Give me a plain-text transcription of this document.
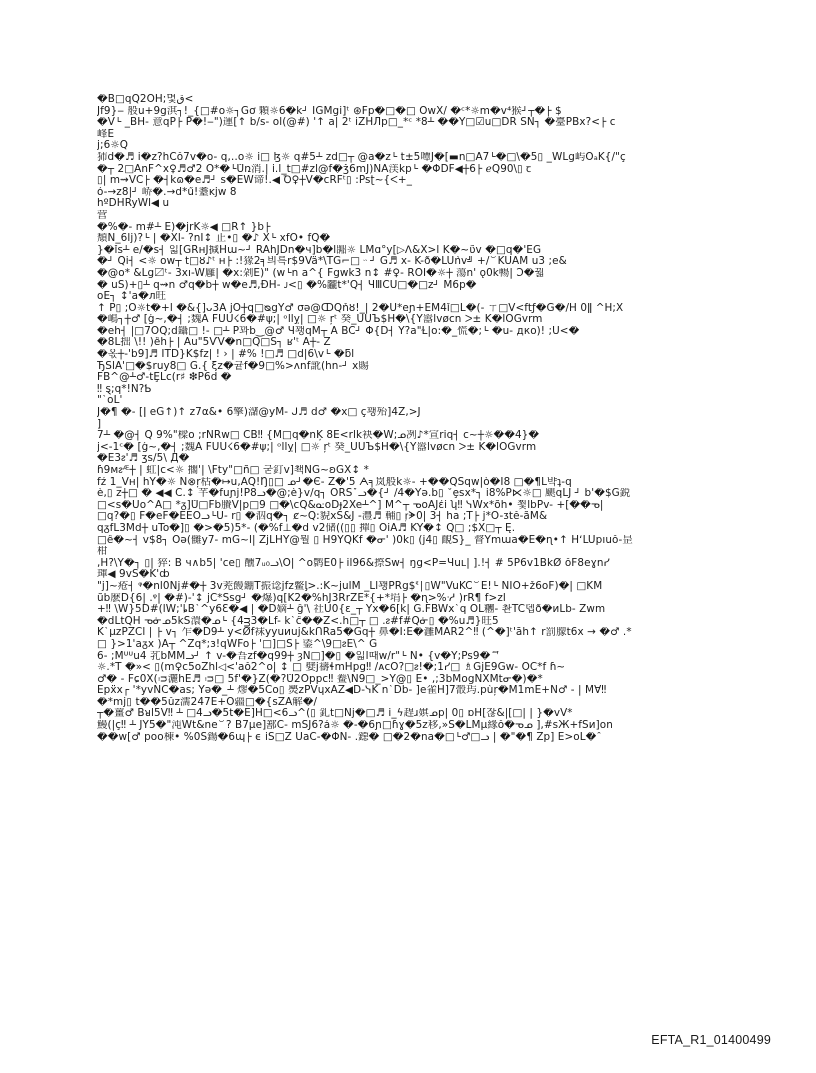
�B□qQ2OH;몇ق<
Jf9}‒ 般u+9g淇┐!_{□#o☼┐Gơ 顆☼6�k┘ ǏGMgi]ᵗ ⊛Fp�□�□ OwX/ �ᶜ*☼m�v⁴猴┘┬�├ $
�V└ _BH- 意qP├ P�!‒")運[↑ b/s- ol(@#) '↑ a| 2ᵗ iZHЛp□_*ᶜ *8┴ ��Y□☑u□DR SN┐ �臺PBx?<├ c
峰E
j;6☼Q
犻d�♬ i�z?hCŏ7v�o- q,‥o☼ i□ ɮ☼ q#5┴ zd□┬ @a�z└ t±5嘾J�[▬n□A7└�□\�5▯ _WLg屿OₐK{/"ç
�┬ 2□AnF^x♀♬♂2 O*�└Ůռ消.| i.l_t□#zl@f�ǯ6mJ)NA渼kp└ �ΦDF◀┼6├ ℯQ߀9\▯ ꞇ
▯| m⇝VĆ├ �┤kɷ�e♬┘ s�EW谛!.◀ Ꝺ♀┼V�cRFᵗ▯ :Psʈ~{ᐸ+_
ó-→z8|┘ 峤�.→d*ű!耋ĸjw 8
hºDHRyWl◀ u
营
�%�- m#┴ E)�jrK☼◀ □R↑ }b├
頽N_6lj)?└ | �Xl- ?nǏ↕ 止•▯ �♪ X└ xfȌ• fQ�
}�ǐs┴ e/�s┤ 읿[GRнJ㨔Hɯ~┘ RAhJDn�ч]b�l嘂☼ LMɑ°y[▷ᐱ&X>l K�~ʋ̃v �□q�'EG
�┘ Qi┤ <☼ ow┬ t□ȣ♪ᵗ ʜ├ :!猭2╕븨륵r$9Vä*\TG⌐□ᆢ┘ G♬ x- K-ð�LUǹv╝ +/꒡KUAM u3 ;e&
�@o* &Lg〼ᵗ- 3xı-W廱| �x:刴E)" (w└n a^{ Fgwk3 n↕ #♀- ROI�☼┼ 蕩n' ǫ0k暢| Ɔ�꿟
� uŚ)+▯┴ q⇝n ♂q�b┼ w�e♬,ÐH- ᴊ<▯ �%龖t*'Q┤ ЧⅢCÛ□�□z┘ M6p�
oE┐ ↕'a�ᴫ旺
↑ P▯ ;O☼t�+l �&{]ᴗ3A jO┼q□ᴓgY♂ σǝ@ↀQňȣ!_| 2�U*eɲ+ÈM4ǐ□L�(- ㄒ□V<ftƒ�G�/H 0ǁ ^H;X
�嶋┐┼♂ [ǵ~,�┤ ;魏A FUU☇6�#ψ;| ᵒllỵ| □☼ ŗᵗ 癸_UUЪ$H�\{Y嚣lvøcn ᐳ± K�lOGvrm
�eh┤ |□7ȪQ;d鑷□ !- □┴ P꽈b‿@♂ Ч꽹qM┬ A BC┘ Φ{D┤ Y?a"Ɫ|o:�_慌�;└ �u- дко)! ;Ú<�
�8L拙 \!! )ȅh├ | Au"5ѴV�n□Q□S┐ ʁ'ᵗ A┼- Z
�옧┼-'b9]♬ ITD}K$fz| ! › | #% !□♬ □d|6\v└ �ƃl
ЂSlÂ'□�$ruy8□ G.{ ξz�귵f�9□%>ʌnf訛(hn-┘ x賜
FB^@┴♂-tȨLc(r♯ ❇P6d̆ �
‼ ȿ;q*!N?Ƅ
"`oL'
J�¶ �- [ǀ eG↑)↑ z7α&• 6擎)㶆@yM- ᒍ♬ d♂ �x□ ç꽹殆]4Z,>J
]
7┴ �@┤ Q 9%"樑o ;rNRw□ ĊB‼ {M□q�nĶ 8E<rlk袂�W;ᓄ冽♪*宣riq┤ c~┼☼��4}�
j<-1ᶜ� [ǵ~,�┤ ;魏A FUU☇6�#ψ;| ᵒllỵ| □☼ ŗᵗ 癸_UUЪ$H�\{Y嚣lvøcn ᐳ± K�lOGvrm
�E3ᴤ'♬ ʒs/5\ Д�
ɦ9ᴍᴤᴭ┼ | 虹|c<☼ 擱'| \Fty"□ñ□ 굳釘v]쵁NG~ʚGX↕ *
fź 1_Vн| hY�☼ N⊗ŗ枯�↦u,ÂQ!Ŋ▯□ ᓄ┘�Є- Z�'5 ᗅ╕岚般ǩ☼- +��QSqw|ò�Ì8 □�¶L뱍ʇ-q
è,▯ z┼□ � ◀◀ C.↕ 芊�fuɲj!P8ᓗ�@;è}v/q┐ ORSˇᓗ�{┘ /4�Yə.b▯ ˚ȩsx*┐ i8%P⋉☼□ 颶qLJ ┘ b'�$G鋭
□<s�Uo^Ã□ *ᵹ]Ů□Fb賸V|p□9 □�\cQ&ᓌoDɟ2Xe┴^] M^┬ ᓀoAJέi ʮ‼ ᓭWx*õh• 쬧lbPv- +[��ᓀ|
□q?�▯ F�eF�EEOᓗ└U- r▯ �泅q�┐ ȼ~Q:貎xS&J -灃♬ 輔▯ r᷊ᗚ0| 3┤ ha ;T├ j*O-ᴣtĕ-ãM&
qᵹfL3Md┼ uTo�]▯ �>�5)5*- (�%f⊥�d v2储((▯▯ 撣▯ OiA♬ KY�↕ Q□ ;$X□┬ Ę.
□ê�~┤ v$8┐ Ŏǝ(雠y7- mG~l| ZjLHY@뭘 ▯ H9ȲQKf �ᓂ' )0k▯ (j4▯ 靦S}_ 督Ymɯa�E�ɳ•↑ HʻLUpıuŏ-昰
柑
,H?\Y�┐ ▯| 猝: B ч∧b5| 'ce▯ 醺7ᵤ₀ᓗ\O| ^o鹮E߀├ il96&摖Sw┤ ŋg<P=Чuʟ| ].!┤ # 5P6v1BkØ ŏF8eɣnᓰ
琿◀ 9vS�K'ȸ
"j]~疮┤ ᵠ�nl0Nj#�┼ 3v茺饅錋T振谂jfz鳖ᶅ>.:K~julM _Ll꽹PRg$ᓫ│▯W"VuKC꒡E!└ NIO+ž6oF)�| □KM
ũb麽D{6| .ᵠ| �#)-'↕ jC*Ssg┘ �爆)q[K2�%hJ3RrZE*{+*埍├ �ɳ>%ᓾ )rR¶ f>zl
+‼ \W}5D#(lW;'ȴB`^y6Ɛ�◀ | �D嫡┴ ĝ'\ 社U0{ε_┬ Yx�6[k| G.FBWx`q OL糰- 촨TC뎁ð�ᴎLb- Zwm
�dLtQH ᓀᓃᓄ5kS澴�ᓄ└ {4ᴟ3�Lf- k`ĉ��Z<.h□┬ □ .ᴤ#f#Qᓃ▯ �%u♬}旺5
K`μzPZCl | ├ v┐ 乍�D9┴ y<Øf袜yyuиuj&kՈRa5�Gq┼ 鼻�Ǐ:E�灉MAR2^‼ (^�]ᵗ'āh↑ r罰朦t6x → �♂ .*
□ }>1'aᵹx )A┬ ^Zq*;з!qWFo├ '□]□S├ 鋈^\9□ᴤE\^ G
6- ;Mᓑᓑu4 芤bMMᓗ┘ ↑ v-�吾zf�q99┼ ȝN□]�▯ �읿l때w/r"└ Ñ• {v�Y;Ps9�ᄏ
☼.*T �»< ▯(m♀c5oZhl◁<'aŏ2^o| ↕ □ 嬖j禱ɬmHpg‼ /ᴀcO?□ᴤ!�;1ᓰ□ ♗GjE9Gw- OC*f ɦ~
♂� - Fɕ0X(ᴞ灑hE♬ ᴞ□ 5f'�}Z(�?Ů2Ŏppc‼ 鲞\N9□_>Y@▯ E• ,;3bMogNXMtᓂ�)�*
Epẍx┌ '*yvNC�as; Ŷǝ�_┴ 熮�5Co▯ 爂zPVɥxAZ◀D-ᓭK n`Db- ]e雀H]7瞉玙.pùŗ�M1mE+N♂ - | MⱯ‼
�*mj▯ t��5ŭz濡247E+O疆□�{sZA解�/
┬�薑♂ Bᴚl5V‼ ┴ □4ᓗ�5t�E]H□<6ᓗ^(▯ 釓t□Nj�□♬ i_ϟ趕ɹ娸ᓄp| 0▯ ɒH[잖&|[□| | }�vV*
鰻(|ç‼ ┴ JY5�"沌Wt&ne꒡? B7µe]鄯C- mSJ6?á☼ �-�6ɲ□ɦɣ�5z移,»S�LMμ緣ŏ�ᓀᓄ ],#sЖ+fSᴎ]on
��w[♂ poo棟• %0S鍚�6ɰ├ ϵ iS□Z UaC-�ΦN- .鐚� □�2�na�□└♂□ᓗ | �"�¶ Zp] E>oL�ˆ
EFTA_R1_01400499
